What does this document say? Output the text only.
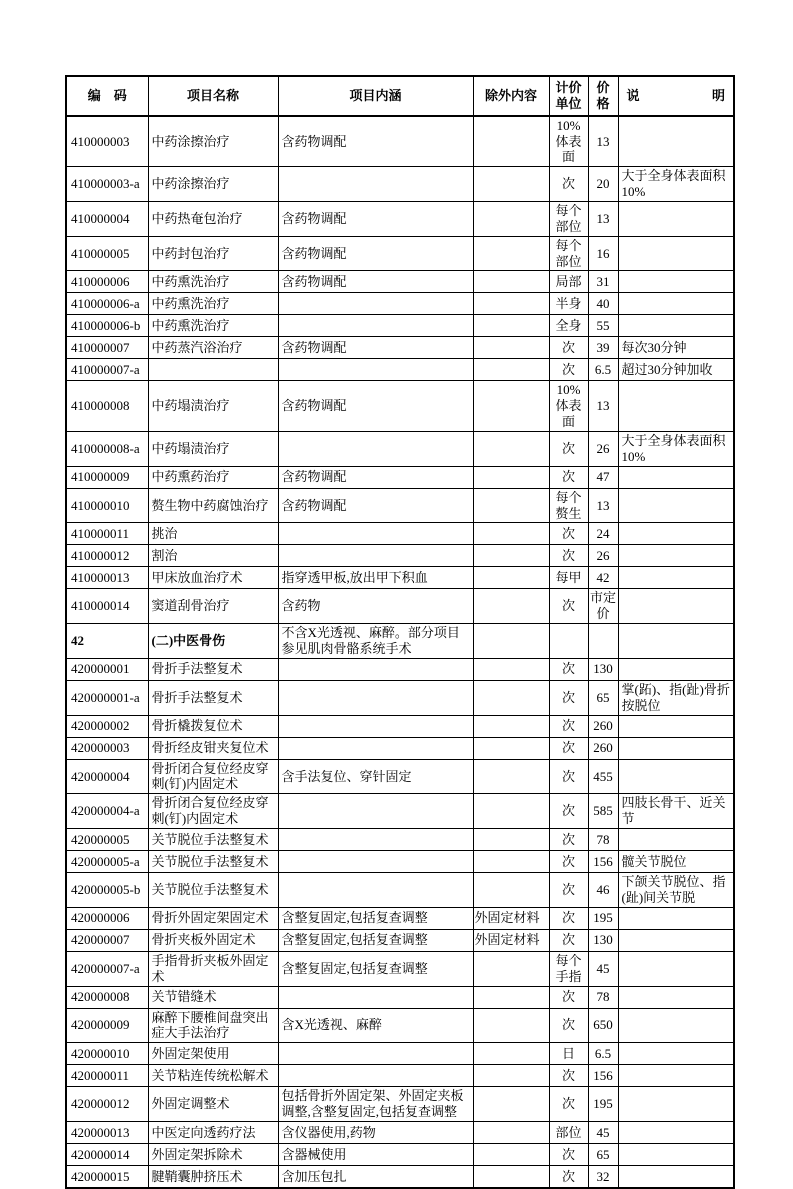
编　码	项目名称	项目内涵	除外内容	计价单位	价格	说 明

410000003	中药涂擦治疗	含药物调配		10%体表面	13	
410000003-a	中药涂擦治疗			次	20	大于全身体表面积10%
410000004	中药热奄包治疗	含药物调配		每个部位	13	
410000005	中药封包治疗	含药物调配		每个部位	16	
410000006	中药熏洗治疗	含药物调配		局部	31	
410000006-a	中药熏洗治疗			半身	40	
410000006-b	中药熏洗治疗			全身	55	
410000007	中药蒸汽浴治疗	含药物调配		次	39	每次30分钟
410000007-a				次	6.5	超过30分钟加收
410000008	中药塌渍治疗	含药物调配		10%体表面	13	
410000008-a	中药塌渍治疗			次	26	大于全身体表面积10%
410000009	中药熏药治疗	含药物调配		次	47	
410000010	赘生物中药腐蚀治疗	含药物调配		每个赘生	13	
410000011	挑治			次	24	
410000012	割治			次	26	
410000013	甲床放血治疗术	指穿透甲板,放出甲下积血		每甲	42	
410000014	窦道刮骨治疗	含药物		次	市定价	
42	(二)中医骨伤	不含X光透视、麻醉。部分项目参见肌肉骨骼系统手术				
420000001	骨折手法整复术			次	130	
420000001-a	骨折手法整复术			次	65	掌(跖)、指(趾)骨折按脱位
420000002	骨折橇拨复位术			次	260	
420000003	骨折经皮钳夹复位术			次	260	
420000004	骨折闭合复位经皮穿刺(钉)内固定术	含手法复位、穿针固定		次	455	
420000004-a	骨折闭合复位经皮穿刺(钉)内固定术			次	585	四肢长骨干、近关节
420000005	关节脱位手法整复术			次	78	
420000005-a	关节脱位手法整复术			次	156	髋关节脱位
420000005-b	关节脱位手法整复术			次	46	下颌关节脱位、指(趾)间关节脱
420000006	骨折外固定架固定术	含整复固定,包括复查调整	外固定材料	次	195	
420000007	骨折夹板外固定术	含整复固定,包括复查调整	外固定材料	次	130	
420000007-a	手指骨折夹板外固定术	含整复固定,包括复查调整		每个手指	45	
420000008	关节错缝术			次	78	
420000009	麻醉下腰椎间盘突出症大手法治疗	含X光透视、麻醉		次	650	
420000010	外固定架使用			日	6.5	
420000011	关节粘连传统松解术			次	156	
420000012	外固定调整术	包括骨折外固定架、外固定夹板调整,含整复固定,包括复查调整		次	195	
420000013	中医定向透药疗法	含仪器使用,药物		部位	45	
420000014	外固定架拆除术	含器械使用		次	65	
420000015	腱鞘囊肿挤压术	含加压包扎		次	32	
